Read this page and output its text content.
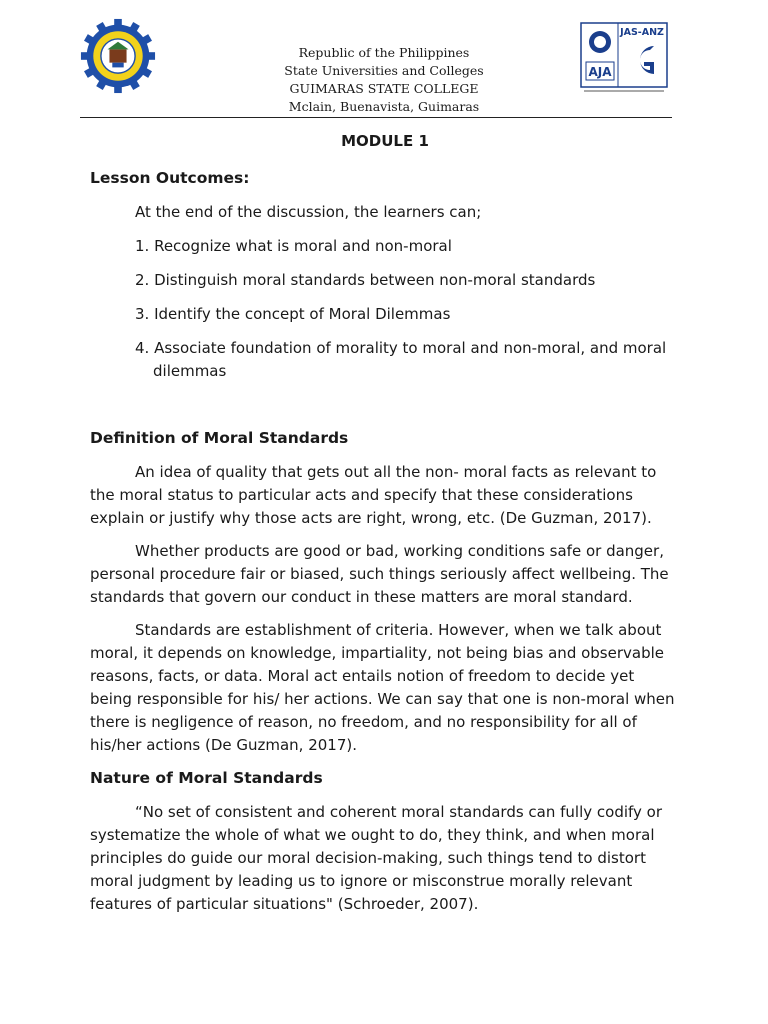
Republic of the Philippines
State Universities and Colleges
GUIMARAS STATE COLLEGE
Mclain, Buenavista, Guimaras
AJA
JAS-ANZ
MODULE 1
Lesson Outcomes:
At the end of the discussion, the learners can;
1. Recognize what is moral and non-moral
2. Distinguish moral standards between non-moral standards
3. Identify the concept of Moral Dilemmas
4. Associate foundation of morality to moral and non-moral, and moral dilemmas
Definition of Moral Standards
An idea of quality that gets out all the non- moral facts as relevant to the moral status to particular acts and specify that these considerations explain or justify why those acts are right, wrong, etc. (De Guzman, 2017).
Whether products are good or bad, working conditions safe or danger, personal procedure fair or biased, such things seriously affect wellbeing. The standards that govern our conduct in these matters are moral standard.
Standards are establishment of criteria. However, when we talk about moral, it depends on knowledge, impartiality, not being bias and observable reasons, facts, or data. Moral act entails notion of freedom to decide yet being responsible for his/ her actions. We can say that one is non-moral when there is negligence of reason, no freedom, and no responsibility for all of his/her actions (De Guzman, 2017).
Nature of Moral Standards
“No set of consistent and coherent moral standards can fully codify or systematize the whole of what we ought to do, they think, and when moral principles do guide our moral decision-making, such things tend to distort moral judgment by leading us to ignore or misconstrue morally relevant features of particular situations" (Schroeder, 2007).
